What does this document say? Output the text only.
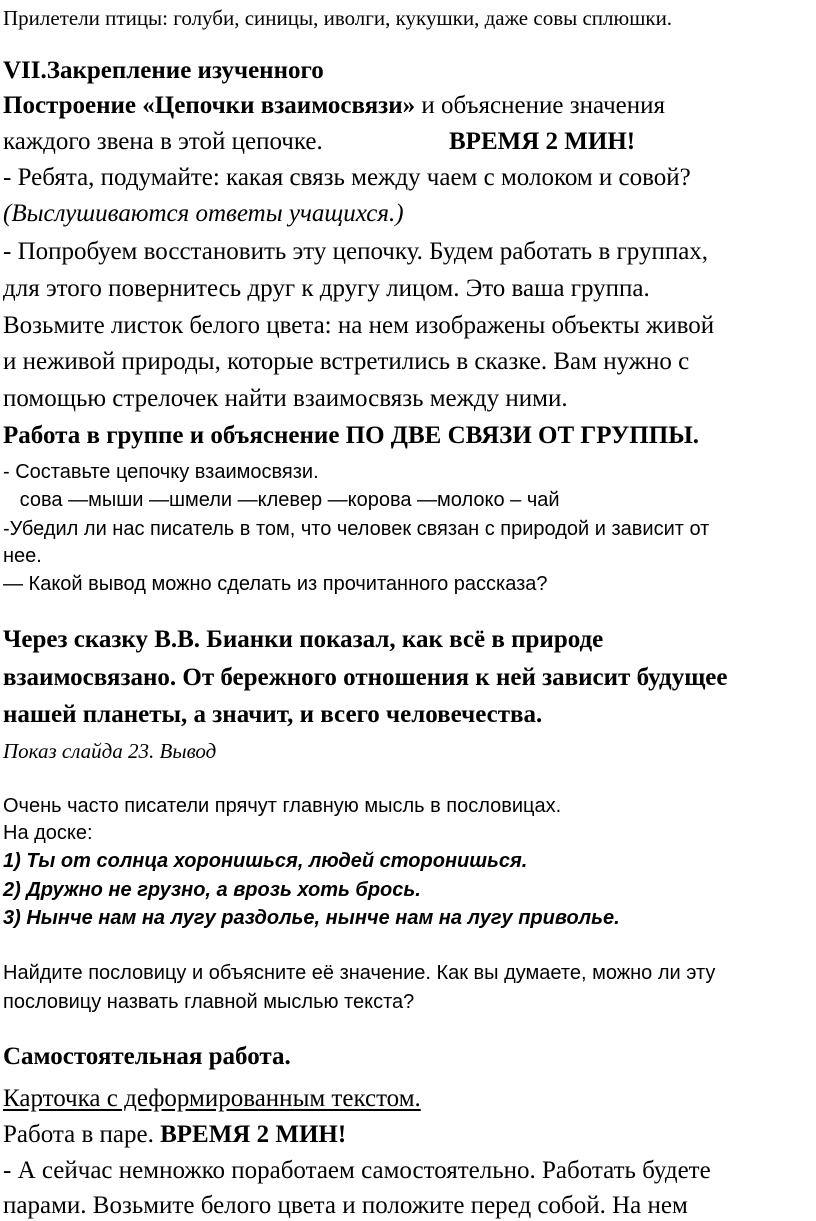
Прилетели птицы: голуби, синицы, иволги, кукушки, даже совы сплюшки.
VII.Закрепление изученного
Построение «Цепочки взаимосвязи» и объяснение значения
каждого звена в этой цепочке.	ВРЕМЯ 2 МИН!
- Ребята, подумайте: какая связь между чаем с молоком и совой?
(Выслушиваются ответы учащихся.)
- Попробуем восстановить эту цепочку. Будем работать в группах,
для этого повернитесь друг к другу лицом. Это ваша группа.
Возьмите листок белого цвета: на нем изображены объекты живой
и неживой природы, которые встретились в сказке. Вам нужно с
помощью стрелочек найти взаимосвязь между ними.
Работа в группе и объяснение ПО ДВЕ СВЯЗИ ОТ ГРУППЫ.
- Составьте цепочку взаимосвязи.
сова —мыши —шмели —клевер —корова —молоко – чай
-Убедил ли нас писатель в том, что человек связан с природой и зависит от
нее.
— Какой вывод можно сделать из прочитанного рассказа?
Через сказку В.В. Бианки показал, как всё в природе
взаимосвязано. От бережного отношения к ней зависит будущее
нашей планеты, а значит, и всего человечества.
Показ слайда 23. Вывод
Очень часто писатели прячут главную мысль в пословицах.
На доске:
1) Ты от солнца хоронишься, людей сторонишься.
2) Дружно не грузно, а врозь хоть брось.
3) Нынче нам на лугу раздолье, нынче нам на лугу приволье.
Найдите пословицу и объясните её значение. Как вы думаете, можно ли эту
пословицу назвать главной мыслью текста?
Самостоятельная работа.
Карточка с деформированным текстом.
Работа в паре. ВРЕМЯ 2 МИН!
- А сейчас немножко поработаем самостоятельно. Работать будете
парами. Возьмите белого цвета и положите перед собой. На нем
